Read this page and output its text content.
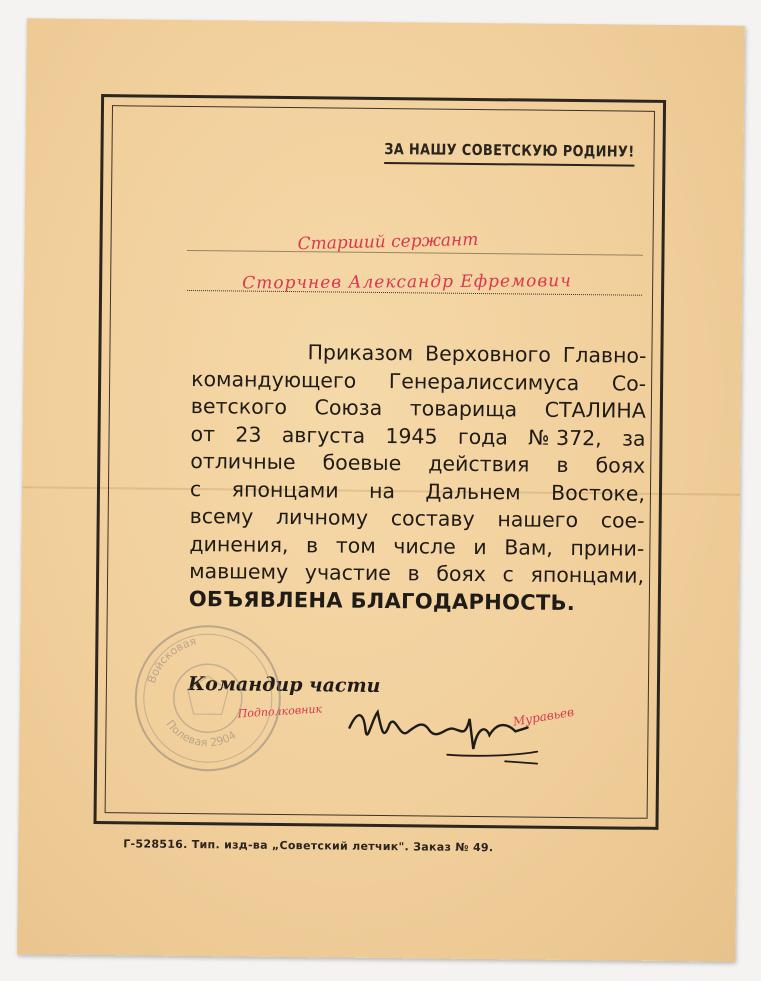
ЗА НАШУ СОВЕТСКУЮ РОДИНУ!
Старший сержант
Сторчнев Александр Ефремович
Приказом Верховного Главно-
командующего Генералиссимуса Со-
ветского Союза товарища СТАЛИНА
от 23 августа 1945 года № 372, за
отличные боевые действия в боях
с японцами на Дальнем Востоке,
всему личному составу нашего сое-
динения, в том числе и Вам, прини-
мавшему участие в боях с японцами,
ОБЪЯВЛЕНА БЛАГОДАРНОСТЬ.
Командир части
Подполковник	Муравьев
Войсковая
Полевая 2904
Г-528516. Тип. изд-ва „Советский летчик". Заказ № 49.
